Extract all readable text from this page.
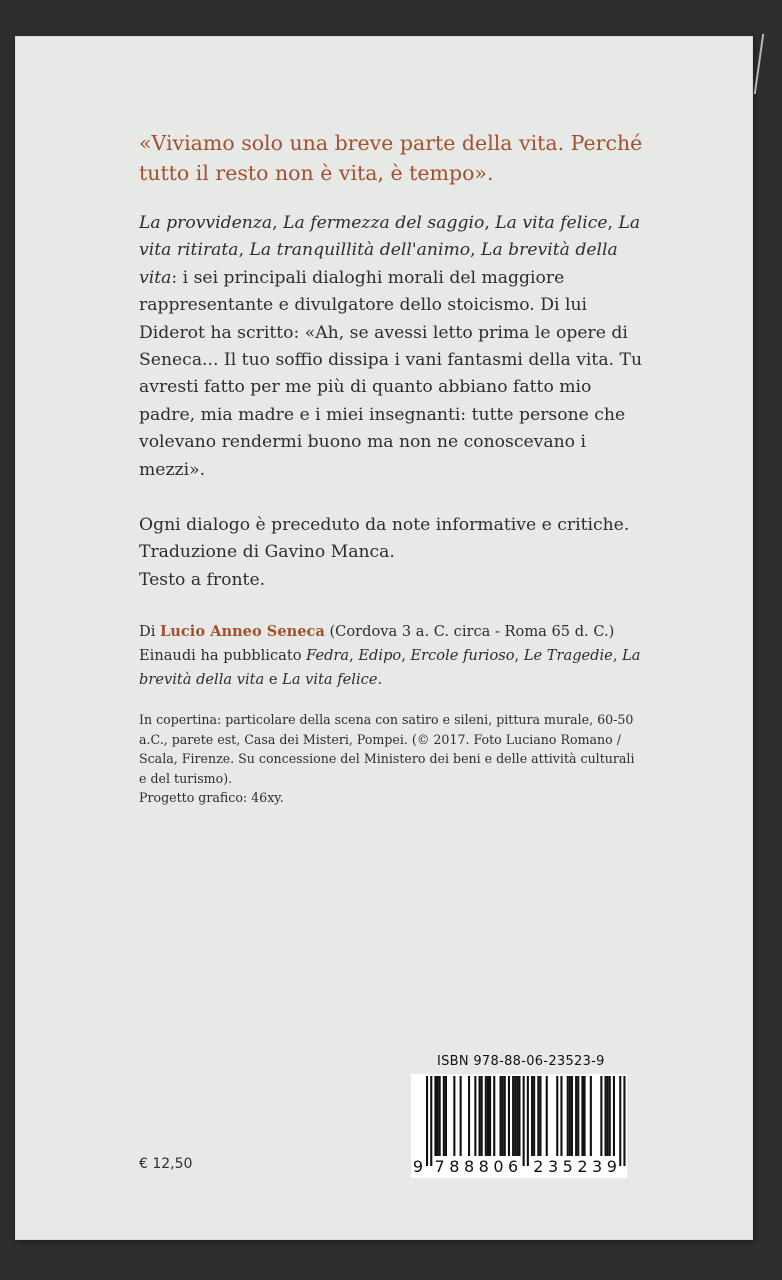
«Viviamo solo una breve parte della vita. Perché tutto il resto non è vita, è tempo».

La provvidenza, La fermezza del saggio, La vita felice, La vita ritirata, La tranquillità dell'animo, La brevità della vita: i sei principali dialoghi morali del maggiore rappresentante e divulgatore dello stoicismo. Di lui Diderot ha scritto: «Ah, se avessi letto prima le opere di Seneca... Il tuo soffio dissipa i vani fantasmi della vita. Tu avresti fatto per me più di quanto abbiano fatto mio padre, mia madre e i miei insegnanti: tutte persone che volevano rendermi buono ma non ne conoscevano i mezzi».

Ogni dialogo è preceduto da note informative e critiche.
Traduzione di Gavino Manca.
Testo a fronte.

Di Lucio Anneo Seneca (Cordova 3 a. C. circa - Roma 65 d. C.) Einaudi ha pubblicato Fedra, Edipo, Ercole furioso, Le Tragedie, La brevità della vita e La vita felice.

In copertina: particolare della scena con satiro e sileni, pittura murale, 60-50 a.C., parete est, Casa dei Misteri, Pompei. (© 2017. Foto Luciano Romano / Scala, Firenze. Su concessione del Ministero dei beni e delle attività culturali e del turismo).
Progetto grafico: 46xy.

€ 12,50
ISBN 978-88-06-23523-9
9 7 8 8 8 0 6 2 3 5 2 3 9
